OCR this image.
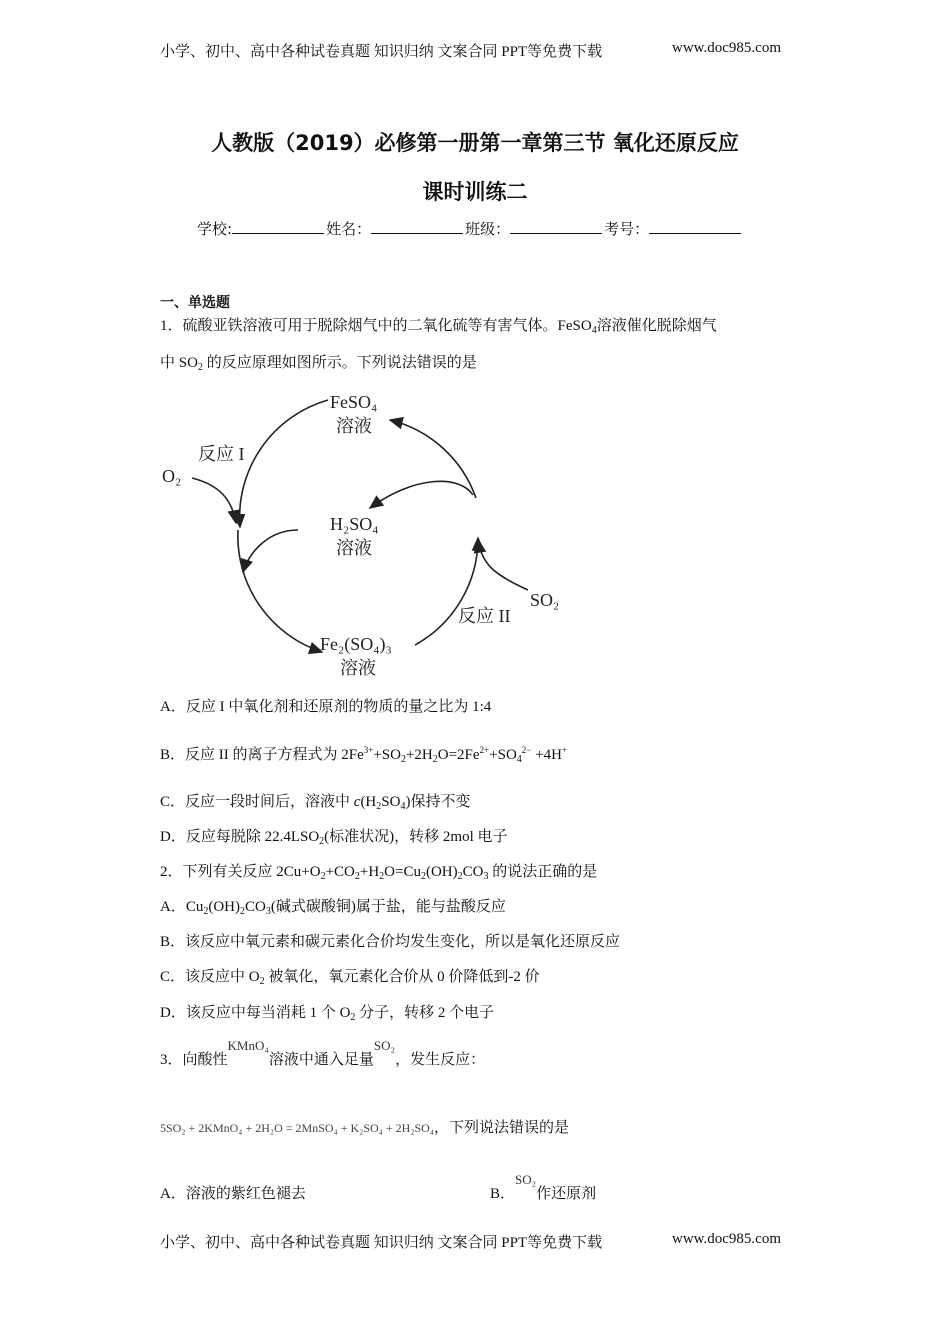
小学、初中、高中各种试卷真题 知识归纳 文案合同 PPT等免费下载	www.doc985.com
人教版（2019）必修第一册第一章第三节 氧化还原反应
课时训练二
学校:	姓名：	班级：	考号：
一、单选题
1．硫酸亚铁溶液可用于脱除烟气中的二氧化硫等有害气体。FeSO$_4$溶液催化脱除烟气
中 $SO_2$ 的反应原理如图所示。下列说法错误的是
FeSO₄
溶液
H₂SO₄
溶液
Fe₂(SO₄)₃
溶液
O₂
SO₂
反应 I
反应 II
A．反应 I 中氧化剂和还原剂的物质的量之比为 1:4
B．反应 II 的离子方程式为 $2Fe^{3+}+SO_2+2H_2O=2Fe^{2+}+SO_4^{2-} +4H^+$
C．反应一段时间后，溶液中 $c(H_2SO_4)$保持不变
D．反应每脱除 $22.4LSO_2$(标准状况)，转移 2mol 电子
2．下列有关反应 $2Cu+O_2+CO_2+H_2O=Cu_2(OH)_2CO_3$ 的说法正确的是
A．$Cu_2(OH)_2CO_3$(碱式碳酸铜)属于盐，能与盐酸反应
B．该反应中氧元素和碳元素化合价均发生变化，所以是氧化还原反应
C．该反应中 $O_2$ 被氧化，氧元素化合价从 0 价降低到-2 价
D．该反应中每当消耗 1 个 $O_2$ 分子，转移 2 个电子
3．向酸性KMnO₄溶液中通入足量SO₂，发生反应：
5SO₂ + 2KMnO₄ + 2H₂O = 2MnSO₄ + K₂SO₄ + 2H₂SO₄，下列说法错误的是
A．溶液的紫红色褪去	B．SO₂作还原剂
小学、初中、高中各种试卷真题 知识归纳 文案合同 PPT等免费下载	www.doc985.com
